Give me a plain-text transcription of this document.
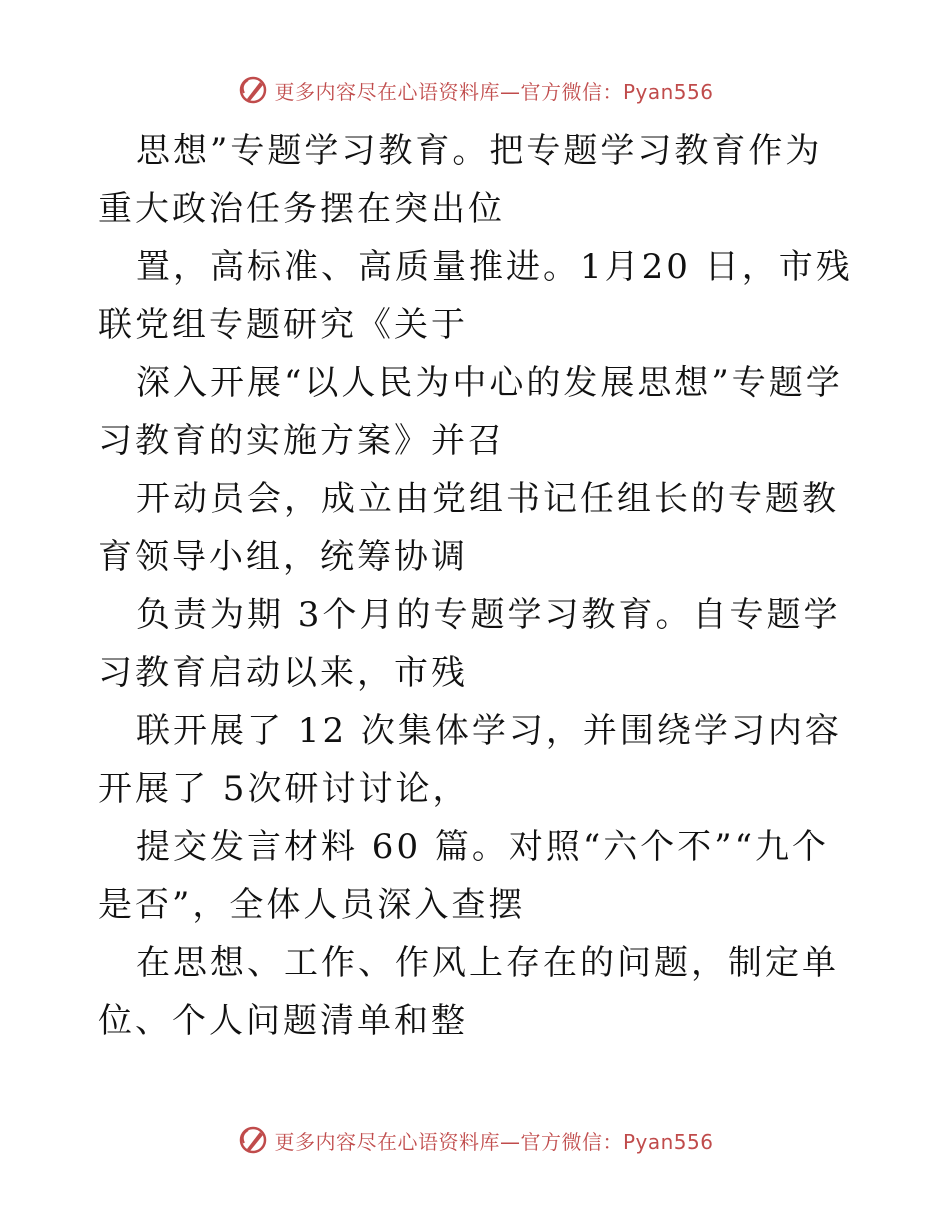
更多内容尽在心语资料库—官方微信：Pyan556

思想”专题学习教育。把专题学习教育作为重大政治任务摆在突出位

置，高标准、高质量推进。1月20 日，市残联党组专题研究《关于

深入开展“以人民为中心的发展思想”专题学习教育的实施方案》并召

开动员会，成立由党组书记任组长的专题教育领导小组，统筹协调

负责为期 3个月的专题学习教育。自专题学习教育启动以来，市残

联开展了 12 次集体学习，并围绕学习内容开展了 5次研讨讨论，

提交发言材料 60 篇。对照“六个不”“九个是否”，全体人员深入查摆

在思想、工作、作风上存在的问题，制定单位、个人问题清单和整

更多内容尽在心语资料库—官方微信：Pyan556
